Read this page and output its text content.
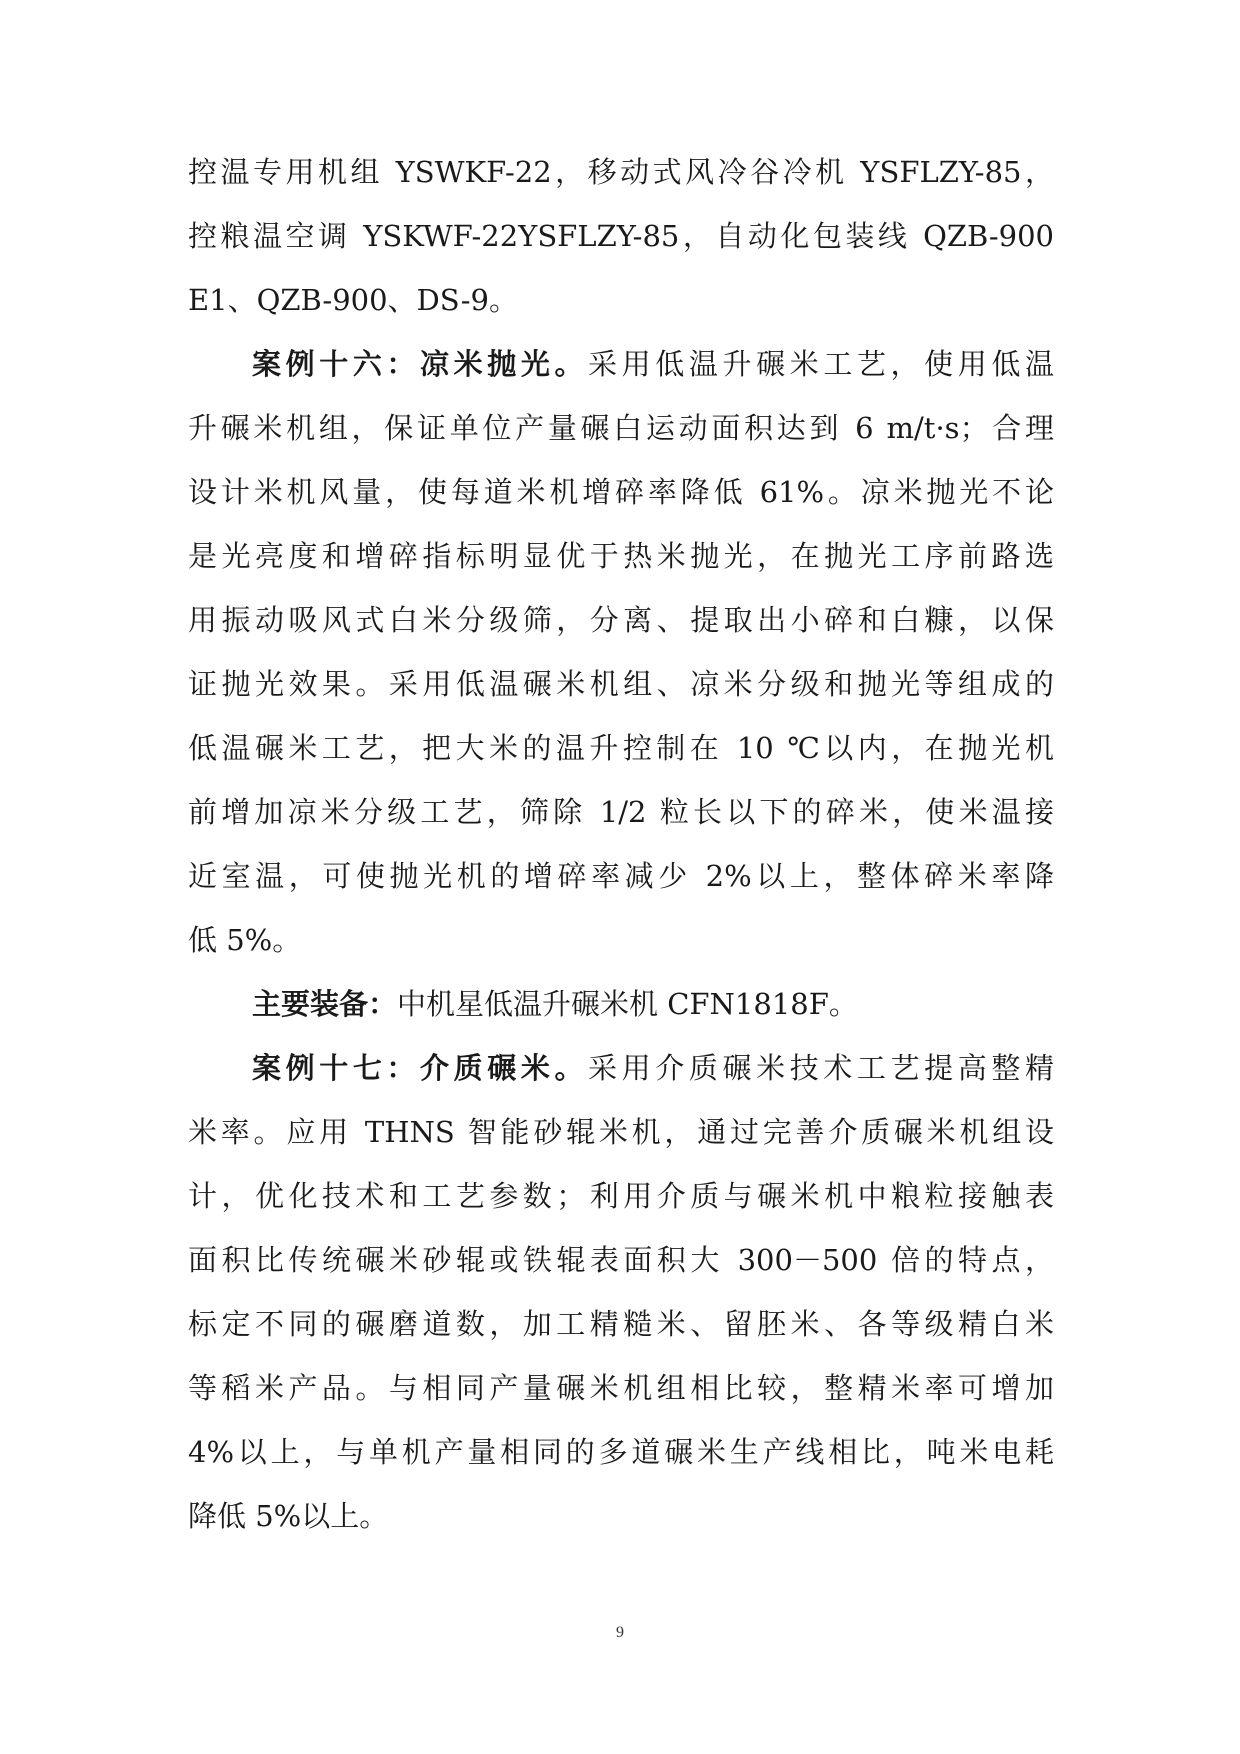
控温专用机组 YSWKF-22，移动式风冷谷冷机 YSFLZY-85，
控粮温空调 YSKWF-22YSFLZY-85，自动化包装线 QZB-900
E1、QZB-900、DS-9。
案例十六：凉米抛光。采用低温升碾米工艺，使用低温
升碾米机组，保证单位产量碾白运动面积达到 6 m/t·s；合理
设计米机风量，使每道米机增碎率降低 61%。凉米抛光不论
是光亮度和增碎指标明显优于热米抛光，在抛光工序前路选
用振动吸风式白米分级筛，分离、提取出小碎和白糠，以保
证抛光效果。采用低温碾米机组、凉米分级和抛光等组成的
低温碾米工艺，把大米的温升控制在 10 ℃以内，在抛光机
前增加凉米分级工艺，筛除 1/2 粒长以下的碎米，使米温接
近室温，可使抛光机的增碎率减少 2%以上，整体碎米率降
低 5%。
主要装备：中机星低温升碾米机 CFN1818F。
案例十七：介质碾米。采用介质碾米技术工艺提高整精
米率。应用 THNS 智能砂辊米机，通过完善介质碾米机组设
计，优化技术和工艺参数；利用介质与碾米机中粮粒接触表
面积比传统碾米砂辊或铁辊表面积大 300－500 倍的特点，
标定不同的碾磨道数，加工精糙米、留胚米、各等级精白米
等稻米产品。与相同产量碾米机组相比较，整精米率可增加
4%以上，与单机产量相同的多道碾米生产线相比，吨米电耗
降低 5%以上。
9
